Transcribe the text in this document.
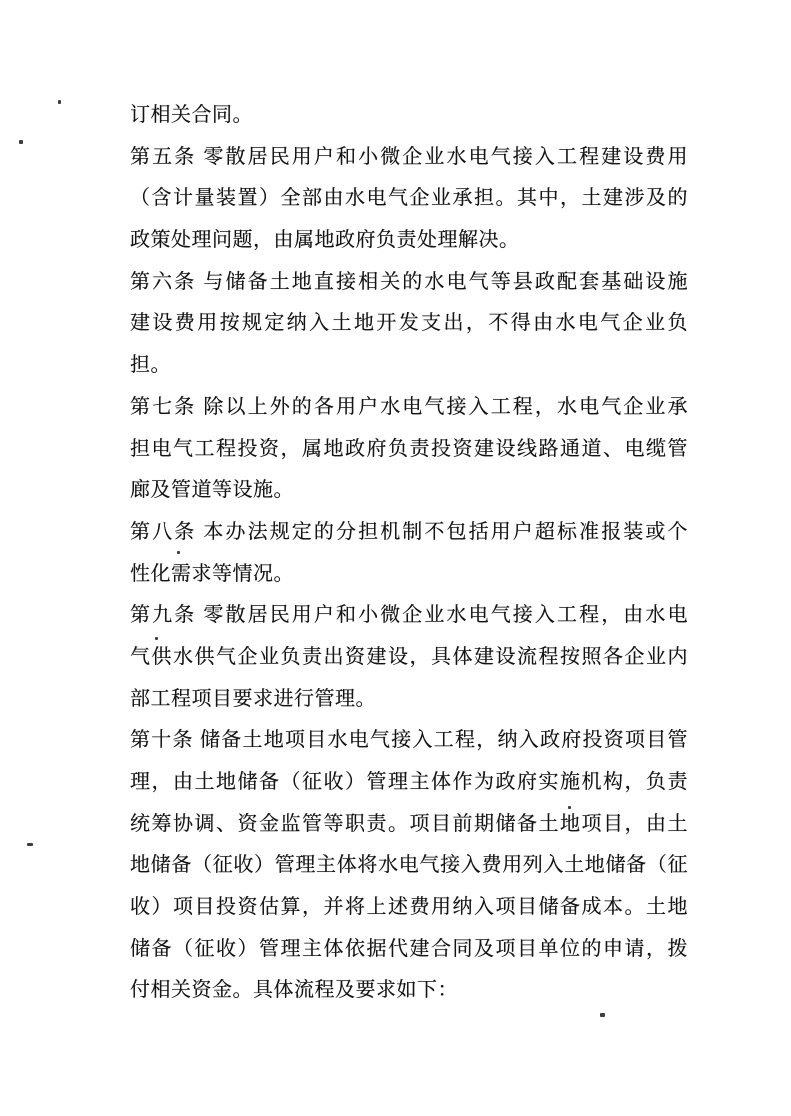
订相关合同。
第五条 零散居民用户和小微企业水电气接入工程建设费用
（含计量装置）全部由水电气企业承担。其中，土建涉及的
政策处理问题，由属地政府负责处理解决。
第六条 与储备土地直接相关的水电气等县政配套基础设施
建设费用按规定纳入土地开发支出，不得由水电气企业负
担。
第七条 除以上外的各用户水电气接入工程，水电气企业承
担电气工程投资，属地政府负责投资建设线路通道、电缆管
廊及管道等设施。
第八条 本办法规定的分担机制不包括用户超标准报装或个
性化需求等情况。
第九条 零散居民用户和小微企业水电气接入工程，由水电
气供水供气企业负责出资建设，具体建设流程按照各企业内
部工程项目要求进行管理。
第十条 储备土地项目水电气接入工程，纳入政府投资项目管
理，由土地储备（征收）管理主体作为政府实施机构，负责
统筹协调、资金监管等职责。项目前期储备土地项目，由土
地储备（征收）管理主体将水电气接入费用列入土地储备（征
收）项目投资估算，并将上述费用纳入项目储备成本。土地
储备（征收）管理主体依据代建合同及项目单位的申请，拨
付相关资金。具体流程及要求如下：
